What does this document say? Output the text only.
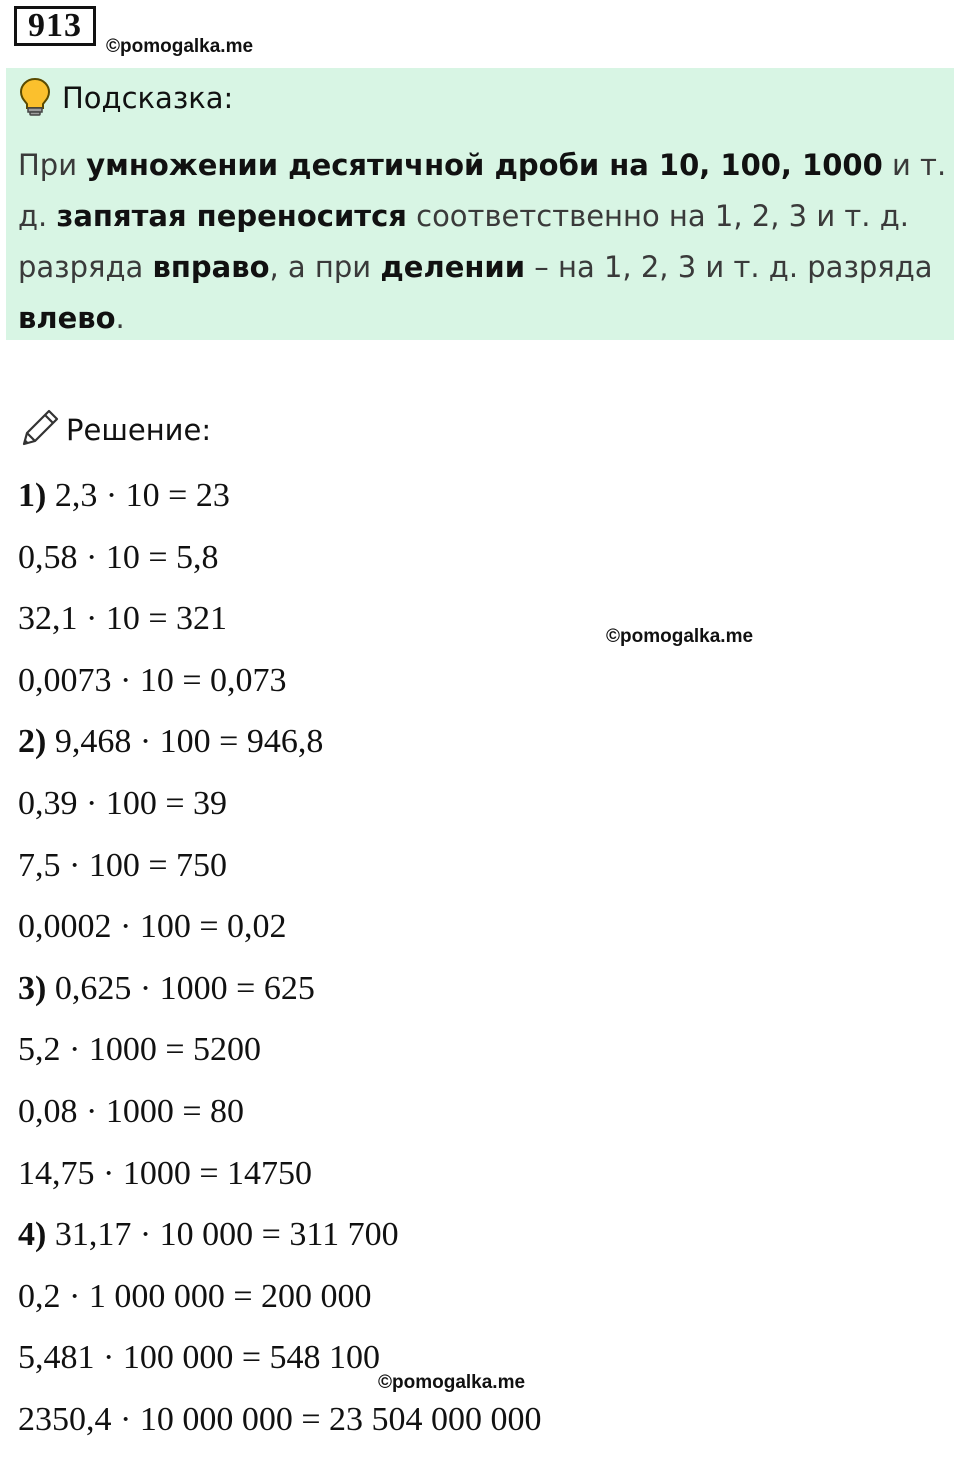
913
©pomogalka.me
Подсказка:
При умножении десятичной дроби на 10, 100, 1000 и т. д. запятая переносится соответственно на 1, 2, 3 и т. д. разряда вправо, а при делении – на 1, 2, 3 и т. д. разряда влево.
Решение:
1) 2,3 · 10 = 23
0,58 · 10 = 5,8
32,1 · 10 = 321
0,0073 · 10 = 0,073
2) 9,468 · 100 = 946,8
0,39 · 100 = 39
7,5 · 100 = 750
0,0002 · 100 = 0,02
3) 0,625 · 1000 = 625
5,2 · 1000 = 5200
0,08 · 1000 = 80
14,75 · 1000 = 14750
4) 31,17 · 10 000 = 311 700
0,2 · 1 000 000 = 200 000
5,481 · 100 000 = 548 100
2350,4 · 10 000 000 = 23 504 000 000
©pomogalka.me
©pomogalka.me
